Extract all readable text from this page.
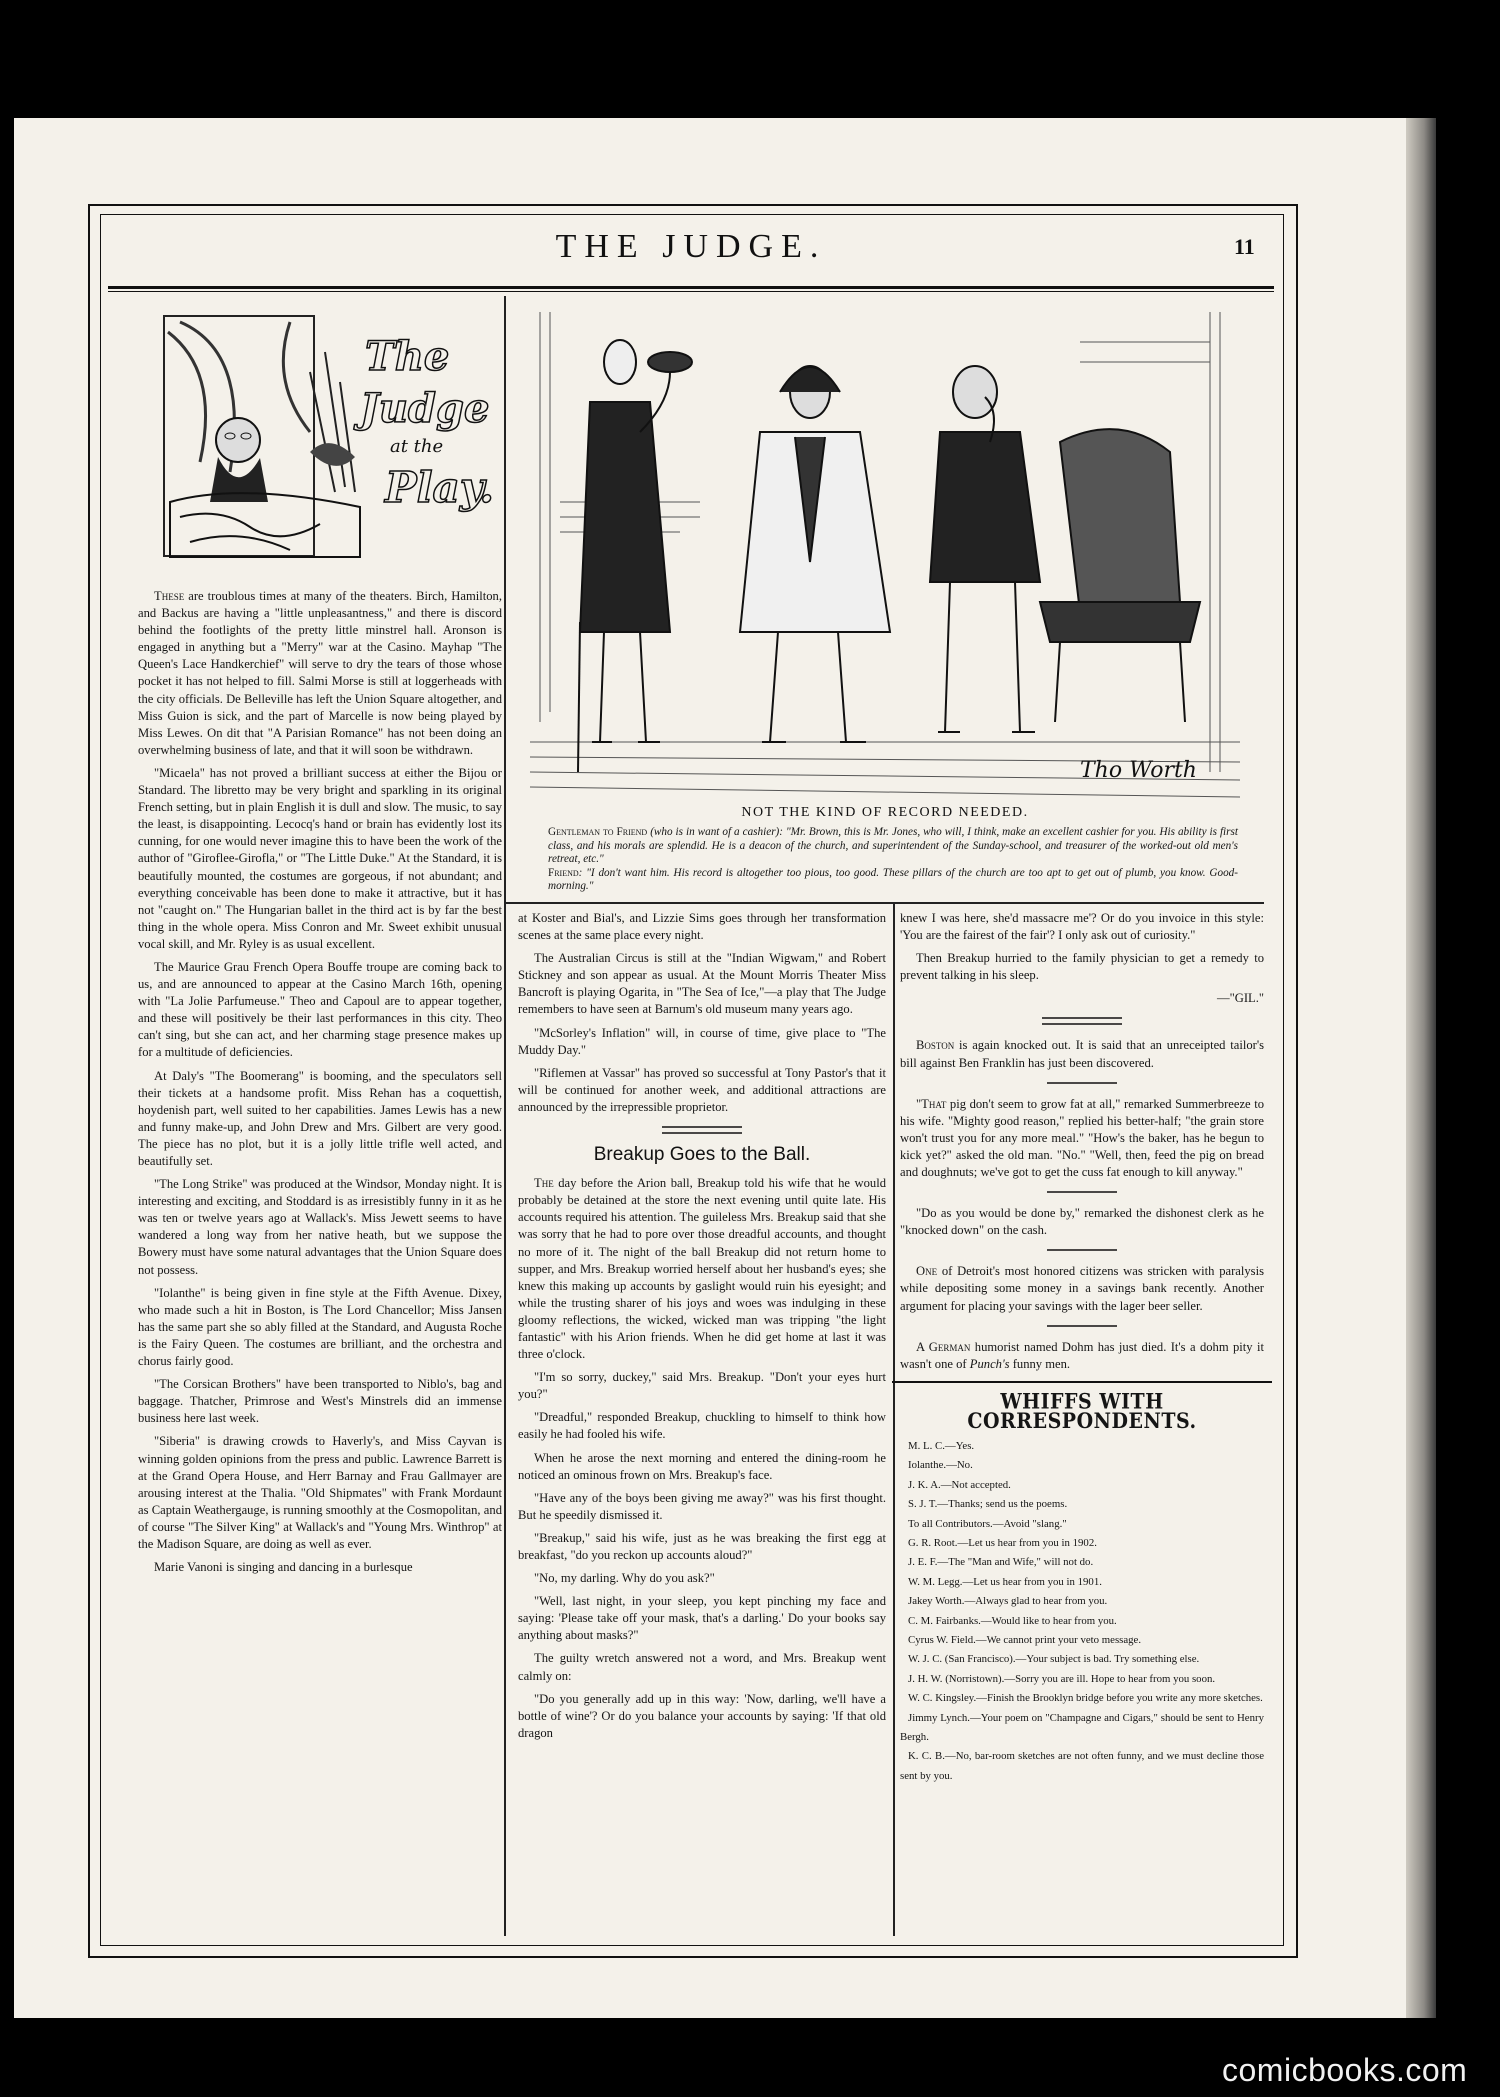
THE JUDGE.	11
The
Judge
at the
Play.
Tho Worth
NOT THE KIND OF RECORD NEEDED.

Gentleman to Friend (who is in want of a cashier): "Mr. Brown, this is Mr. Jones, who will, I think, make an excellent cashier for you. His ability is first class, and his morals are splendid. He is a deacon of the church, and superintendent of the Sunday-school, and treasurer of the worked-out old men's retreat, etc."

Friend: "I don't want him. His record is altogether too pious, too good. These pillars of the church are too apt to get out of plumb, you know. Good-morning."

These are troublous times at many of the theaters. Birch, Hamilton, and Backus are having a "little unpleasantness," and there is discord behind the footlights of the pretty little minstrel hall. Aronson is engaged in anything but a "Merry" war at the Casino. Mayhap "The Queen's Lace Handkerchief" will serve to dry the tears of those whose pocket it has not helped to fill. Salmi Morse is still at loggerheads with the city officials. De Belleville has left the Union Square altogether, and Miss Guion is sick, and the part of Marcelle is now being played by Miss Lewes. On dit that "A Parisian Romance" has not been doing an overwhelming business of late, and that it will soon be withdrawn.

"Micaela" has not proved a brilliant success at either the Bijou or Standard. The libretto may be very bright and sparkling in its original French setting, but in plain English it is dull and slow. The music, to say the least, is disappointing. Lecocq's hand or brain has evidently lost its cunning, for one would never imagine this to have been the work of the author of "Giroflee-Girofla," or "The Little Duke." At the Standard, it is beautifully mounted, the costumes are gorgeous, if not abundant; and everything conceivable has been done to make it attractive, but it has not "caught on." The Hungarian ballet in the third act is by far the best thing in the whole opera. Miss Conron and Mr. Sweet exhibit unusual vocal skill, and Mr. Ryley is as usual excellent.

The Maurice Grau French Opera Bouffe troupe are coming back to us, and are announced to appear at the Casino March 16th, opening with "La Jolie Parfumeuse." Theo and Capoul are to appear together, and these will positively be their last performances in this city. Theo can't sing, but she can act, and her charming stage presence makes up for a multitude of deficiencies.

At Daly's "The Boomerang" is booming, and the speculators sell their tickets at a handsome profit. Miss Rehan has a coquettish, hoydenish part, well suited to her capabilities. James Lewis has a new and funny make-up, and John Drew and Mrs. Gilbert are very good. The piece has no plot, but it is a jolly little trifle well acted, and beautifully set.

"The Long Strike" was produced at the Windsor, Monday night. It is interesting and exciting, and Stoddard is as irresistibly funny in it as he was ten or twelve years ago at Wallack's. Miss Jewett seems to have wandered a long way from her native heath, but we suppose the Bowery must have some natural advantages that the Union Square does not possess.

"Iolanthe" is being given in fine style at the Fifth Avenue. Dixey, who made such a hit in Boston, is The Lord Chancellor; Miss Jansen has the same part she so ably filled at the Standard, and Augusta Roche is the Fairy Queen. The costumes are brilliant, and the orchestra and chorus fairly good.

"The Corsican Brothers" have been transported to Niblo's, bag and baggage. Thatcher, Primrose and West's Minstrels did an immense business here last week.

"Siberia" is drawing crowds to Haverly's, and Miss Cayvan is winning golden opinions from the press and public. Lawrence Barrett is at the Grand Opera House, and Herr Barnay and Frau Gallmayer are arousing interest at the Thalia. "Old Shipmates" with Frank Mordaunt as Captain Weathergauge, is running smoothly at the Cosmopolitan, and of course "The Silver King" at Wallack's and "Young Mrs. Winthrop" at the Madison Square, are doing as well as ever.

Marie Vanoni is singing and dancing in a burlesque

at Koster and Bial's, and Lizzie Sims goes through her transformation scenes at the same place every night.

The Australian Circus is still at the "Indian Wigwam," and Robert Stickney and son appear as usual. At the Mount Morris Theater Miss Bancroft is playing Ogarita, in "The Sea of Ice,"—a play that The Judge remembers to have seen at Barnum's old museum many years ago.

"McSorley's Inflation" will, in course of time, give place to "The Muddy Day."

"Riflemen at Vassar" has proved so successful at Tony Pastor's that it will be continued for another week, and additional attractions are announced by the irrepressible proprietor.

Breakup Goes to the Ball.

The day before the Arion ball, Breakup told his wife that he would probably be detained at the store the next evening until quite late. His accounts required his attention. The guileless Mrs. Breakup said that she was sorry that he had to pore over those dreadful accounts, and thought no more of it. The night of the ball Breakup did not return home to supper, and Mrs. Breakup worried herself about her husband's eyes; she knew this making up accounts by gaslight would ruin his eyesight; and while the trusting sharer of his joys and woes was indulging in these gloomy reflections, the wicked, wicked man was tripping "the light fantastic" with his Arion friends. When he did get home at last it was three o'clock.

"I'm so sorry, duckey," said Mrs. Breakup. "Don't your eyes hurt you?"

"Dreadful," responded Breakup, chuckling to himself to think how easily he had fooled his wife.

When he arose the next morning and entered the dining-room he noticed an ominous frown on Mrs. Breakup's face.

"Have any of the boys been giving me away?" was his first thought. But he speedily dismissed it.

"Breakup," said his wife, just as he was breaking the first egg at breakfast, "do you reckon up accounts aloud?"

"No, my darling. Why do you ask?"

"Well, last night, in your sleep, you kept pinching my face and saying: 'Please take off your mask, that's a darling.' Do your books say anything about masks?"

The guilty wretch answered not a word, and Mrs. Breakup went calmly on:

"Do you generally add up in this way: 'Now, darling, we'll have a bottle of wine'? Or do you balance your accounts by saying: 'If that old dragon

knew I was here, she'd massacre me'? Or do you invoice in this style: 'You are the fairest of the fair'? I only ask out of curiosity."

Then Breakup hurried to the family physician to get a remedy to prevent talking in his sleep.

—"GIL."

Boston is again knocked out. It is said that an unreceipted tailor's bill against Ben Franklin has just been discovered.

"That pig don't seem to grow fat at all," remarked Summerbreeze to his wife. "Mighty good reason," replied his better-half; "the grain store won't trust you for any more meal." "How's the baker, has he begun to kick yet?" asked the old man. "No." "Well, then, feed the pig on bread and doughnuts; we've got to get the cuss fat enough to kill anyway."

"Do as you would be done by," remarked the dishonest clerk as he "knocked down" on the cash.

One of Detroit's most honored citizens was stricken with paralysis while depositing some money in a savings bank recently. Another argument for placing your savings with the lager beer seller.

A German humorist named Dohm has just died. It's a dohm pity it wasn't one of Punch's funny men.

WHIFFS WITH CORRESPONDENTS.
M. L. C.—Yes.
Iolanthe.—No.
J. K. A.—Not accepted.
S. J. T.—Thanks; send us the poems.
To all Contributors.—Avoid "slang."
G. R. Root.—Let us hear from you in 1902.
J. E. F.—The "Man and Wife," will not do.
W. M. Legg.—Let us hear from you in 1901.
Jakey Worth.—Always glad to hear from you.
C. M. Fairbanks.—Would like to hear from you.
Cyrus W. Field.—We cannot print your veto message.
W. J. C. (San Francisco).—Your subject is bad. Try something else.
J. H. W. (Norristown).—Sorry you are ill. Hope to hear from you soon.
W. C. Kingsley.—Finish the Brooklyn bridge before you write any more sketches.
Jimmy Lynch.—Your poem on "Champagne and Cigars," should be sent to Henry Bergh.
K. C. B.—No, bar-room sketches are not often funny, and we must decline those sent by you.
comicbooks.com
